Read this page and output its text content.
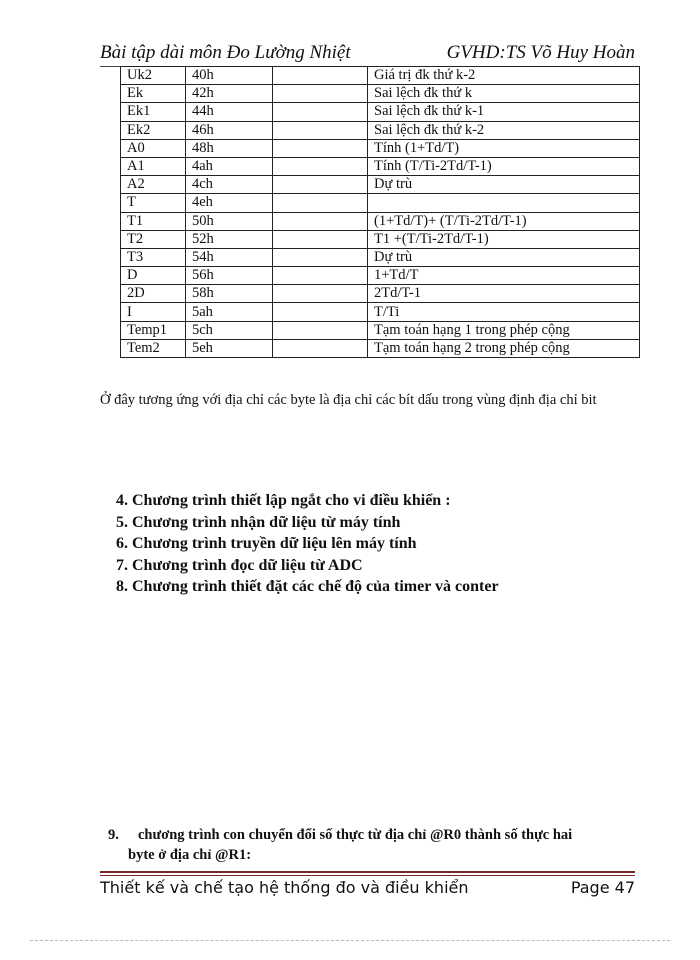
Bài tập dài môn Đo Lường Nhiệt	GVHD:TS Võ Huy Hoàn
Uk2	40h		Giá trị đk thứ k-2
Ek	42h		Sai lệch đk thứ k
Ek1	44h		Sai lệch đk thứ k-1
Ek2	46h		Sai lệch đk thứ k-2
A0	48h		Tính (1+Td/T)
A1	4ah		Tính (T/Ti-2Td/T-1)
A2	4ch		Dự trù
T	4eh		
T1	50h		(1+Td/T)+ (T/Ti-2Td/T-1)
T2	52h		T1 +(T/Ti-2Td/T-1)
T3	54h		Dự trù
D	56h		1+Td/T
2D	58h		2Td/T-1
I	5ah		T/Ti
Temp1	5ch		Tạm toán hạng 1 trong phép cộng
Tem2	5eh		Tạm toán hạng 2 trong phép cộng
Ở đây tương ứng với địa chỉ các byte là địa chỉ các bít dấu trong vùng định địa chỉ bit
4. Chương trình thiết lập ngắt cho vi điều khiển :
5. Chương trình nhận dữ liệu từ máy tính
6. Chương trình truyền dữ liệu lên máy tính
7. Chương trình đọc dữ liệu từ ADC
8. Chương trình thiết đặt các chế độ của timer và conter
9. chương trình con chuyển đổi số thực từ địa chỉ @R0 thành số thực hai
byte ở địa chỉ @R1:
Thiết kế và chế tạo hệ thống đo và điều khiển	Page 47
